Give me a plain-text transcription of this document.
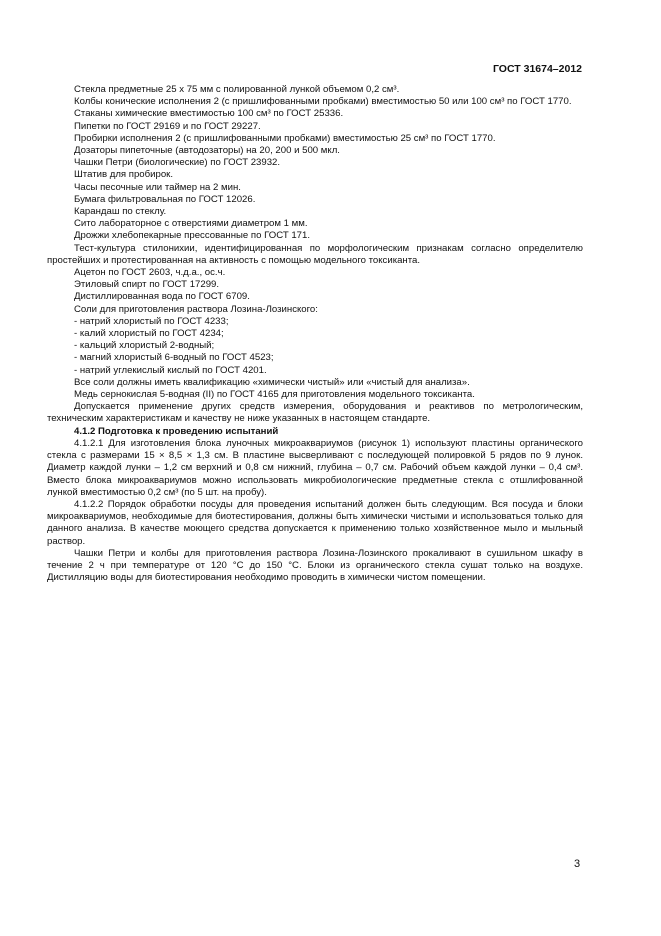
ГОСТ 31674–2012

Стекла предметные 25 х 75 мм с полированной лункой объемом 0,2 см³.

Колбы конические исполнения 2 (с пришлифованными пробками) вместимостью 50 или 100 см³ по ГОСТ 1770.

Стаканы химические вместимостью 100 см³ по ГОСТ 25336.

Пипетки по ГОСТ 29169 и по ГОСТ 29227.

Пробирки исполнения 2 (с пришлифованными пробками) вместимостью 25 см³ по ГОСТ 1770.

Дозаторы пипеточные (автодозаторы) на 20, 200 и 500 мкл.

Чашки Петри (биологические) по ГОСТ 23932.

Штатив для пробирок.

Часы песочные или таймер на 2 мин.

Бумага фильтровальная по ГОСТ 12026.

Карандаш по стеклу.

Сито лабораторное с отверстиями диаметром 1 мм.

Дрожжи хлебопекарные прессованные по ГОСТ 171.

Тест-культура стилонихии, идентифицированная по морфологическим признакам согласно определителю простейших и протестированная на активность с помощью модельного токсиканта.

Ацетон по ГОСТ 2603, ч.д.а., ос.ч.

Этиловый спирт по ГОСТ 17299.

Дистиллированная вода по ГОСТ 6709.

Соли для приготовления раствора Лозина-Лозинского:

- натрий хлористый по ГОСТ 4233;

- калий хлористый по ГОСТ 4234;

- кальций хлористый 2-водный;

- магний хлористый 6-водный по ГОСТ 4523;

- натрий углекислый кислый по ГОСТ 4201.

Все соли должны иметь квалификацию «химически чистый» или «чистый для анализа».

Медь сернокислая 5-водная (II) по ГОСТ 4165 для приготовления модельного токсиканта.

Допускается применение других средств измерения, оборудования и реактивов по метрологическим, техническим характеристикам и качеству не ниже указанных в настоящем стандарте.

4.1.2 Подготовка к проведению испытаний

4.1.2.1 Для изготовления блока луночных микроаквариумов (рисунок 1) используют пластины органического стекла с размерами 15 × 8,5 × 1,3 см. В пластине высверливают с последующей полировкой 5 рядов по 9 лунок. Диаметр каждой лунки – 1,2 см верхний и 0,8 см нижний, глубина – 0,7 см. Рабочий объем каждой лунки – 0,4 см³. Вместо блока микроаквариумов можно использовать микробиологические предметные стекла с отшлифованной лункой вместимостью 0,2 см³ (по 5 шт. на пробу).

4.1.2.2 Порядок обработки посуды для проведения испытаний должен быть следующим. Вся посуда и блоки микроаквариумов, необходимые для биотестирования, должны быть химически чистыми и использоваться только для данного анализа. В качестве моющего средства допускается к применению только хозяйственное мыло и мыльный раствор.

Чашки Петри и колбы для приготовления раствора Лозина-Лозинского прокаливают в сушильном шкафу в течение 2 ч при температуре от 120 °С до 150 °С. Блоки из органического стекла сушат только на воздухе. Дистилляцию воды для биотестирования необходимо проводить в химически чистом помещении.

3
